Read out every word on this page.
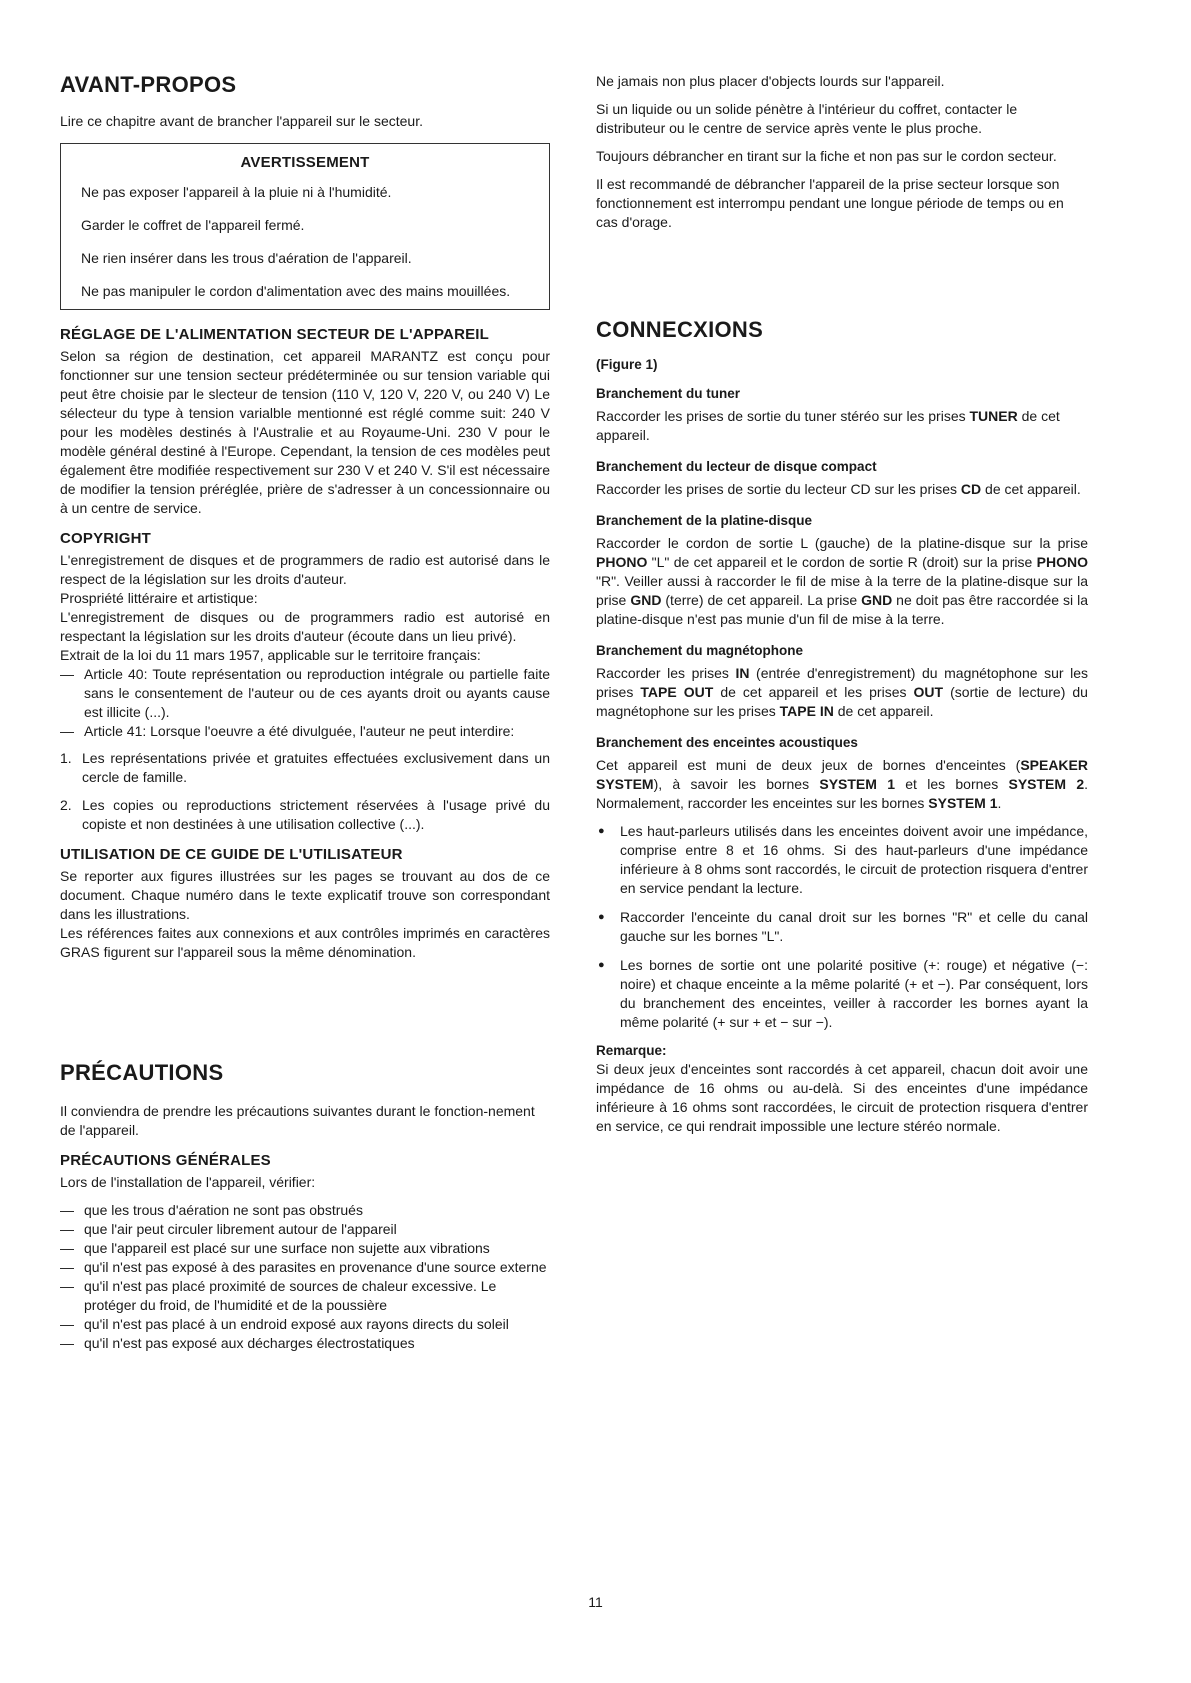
AVANT-PROPOS

Lire ce chapitre avant de brancher l'appareil sur le secteur.

AVERTISSEMENT

Ne pas exposer l'appareil à la pluie ni à l'humidité.

Garder le coffret de l'appareil fermé.

Ne rien insérer dans les trous d'aération de l'appareil.

Ne pas manipuler le cordon d'alimentation avec des mains mouillées.

RÉGLAGE DE L'ALIMENTATION SECTEUR DE L'APPAREIL

Selon sa région de destination, cet appareil MARANTZ est conçu pour fonctionner sur une tension secteur prédéterminée ou sur tension variable qui peut être choisie par le slecteur de tension (110 V, 120 V, 220 V, ou 240 V) Le sélecteur du type à tension varialble mentionné est réglé comme suit: 240 V pour les modèles destinés à l'Australie et au Royaume-Uni. 230 V pour le modèle général destiné à l'Europe. Cependant, la tension de ces modèles peut également être modifiée respectivement sur 230 V et 240 V. S'il est nécessaire de modifier la tension préréglée, prière de s'adresser à un concessionnaire ou à un centre de service.

COPYRIGHT

L'enregistrement de disques et de programmers de radio est autorisé dans le respect de la législation sur les droits d'auteur.

Prospriété littéraire et artistique:

L'enregistrement de disques ou de programmers radio est autorisé en respectant la législation sur les droits d'auteur (écoute dans un lieu privé).

Extrait de la loi du 11 mars 1957, applicable sur le territoire français:

— Article 40: Toute représentation ou reproduction intégrale ou partielle faite sans le consentement de l'auteur ou de ces ayants droit ou ayants cause est illicite (...).
— Article 41: Lorsque l'oeuvre a été divulguée, l'auteur ne peut interdire:
1. Les représentations privée et gratuites effectuées exclusivement dans un cercle de famille.
2. Les copies ou reproductions strictement réservées à l'usage privé du copiste et non destinées à une utilisation collective (...).
UTILISATION DE CE GUIDE DE L'UTILISATEUR

Se reporter aux figures illustrées sur les pages se trouvant au dos de ce document. Chaque numéro dans le texte explicatif trouve son correspondant dans les illustrations.

Les références faites aux connexions et aux contrôles imprimés en caractères GRAS figurent sur l'appareil sous la même dénomination.

PRÉCAUTIONS

Il conviendra de prendre les précautions suivantes durant le fonction-nement de l'appareil.

PRÉCAUTIONS GÉNÉRALES

Lors de l'installation de l'appareil, vérifier:

— que les trous d'aération ne sont pas obstrués
— que l'air peut circuler librement autour de l'appareil
— que l'appareil est placé sur une surface non sujette aux vibrations
— qu'il n'est pas exposé à des parasites en provenance d'une source externe
— qu'il n'est pas placé proximité de sources de chaleur excessive. Le protéger du froid, de l'humidité et de la poussière
— qu'il n'est pas placé à un endroid exposé aux rayons directs du soleil
— qu'il n'est pas exposé aux décharges électrostatiques

Ne jamais non plus placer d'objects lourds sur l'appareil.

Si un liquide ou un solide pénètre à l'intérieur du coffret, contacter le distributeur ou le centre de service après vente le plus proche.

Toujours débrancher en tirant sur la fiche et non pas sur le cordon secteur.

Il est recommandé de débrancher l'appareil de la prise secteur lorsque son fonctionnement est interrompu pendant une longue période de temps ou en cas d'orage.

CONNECXIONS
(Figure 1)
Branchement du tuner

Raccorder les prises de sortie du tuner stéréo sur les prises TUNER de cet appareil.

Branchement du lecteur de disque compact

Raccorder les prises de sortie du lecteur CD sur les prises CD de cet appareil.

Branchement de la platine-disque

Raccorder le cordon de sortie L (gauche) de la platine-disque sur la prise PHONO "L" de cet appareil et le cordon de sortie R (droit) sur la prise PHONO "R". Veiller aussi à raccorder le fil de mise à la terre de la platine-disque sur la prise GND (terre) de cet appareil. La prise GND ne doit pas être raccordée si la platine-disque n'est pas munie d'un fil de mise à la terre.

Branchement du magnétophone

Raccorder les prises IN (entrée d'enregistrement) du magnétophone sur les prises TAPE OUT de cet appareil et les prises OUT (sortie de lecture) du magnétophone sur les prises TAPE IN de cet appareil.

Branchement des enceintes acoustiques

Cet appareil est muni de deux jeux de bornes d'enceintes (SPEAKER SYSTEM), à savoir les bornes SYSTEM 1 et les bornes SYSTEM 2. Normalement, raccorder les enceintes sur les bornes SYSTEM 1.

● Les haut-parleurs utilisés dans les enceintes doivent avoir une impédance, comprise entre 8 et 16 ohms. Si des haut-parleurs d'une impédance inférieure à 8 ohms sont raccordés, le circuit de protection risquera d'entrer en service pendant la lecture.
● Raccorder l'enceinte du canal droit sur les bornes "R" et celle du canal gauche sur les bornes "L".
● Les bornes de sortie ont une polarité positive (+: rouge) et négative (−: noire) et chaque enceinte a la même polarité (+ et −). Par conséquent, lors du branchement des enceintes, veiller à raccorder les bornes ayant la même polarité (+ sur + et − sur −).
Remarque:

Si deux jeux d'enceintes sont raccordés à cet appareil, chacun doit avoir une impédance de 16 ohms ou au-delà. Si des enceintes d'une impédance inférieure à 16 ohms sont raccordées, le circuit de protection risquera d'entrer en service, ce qui rendrait impossible une lecture stéréo normale.

11
